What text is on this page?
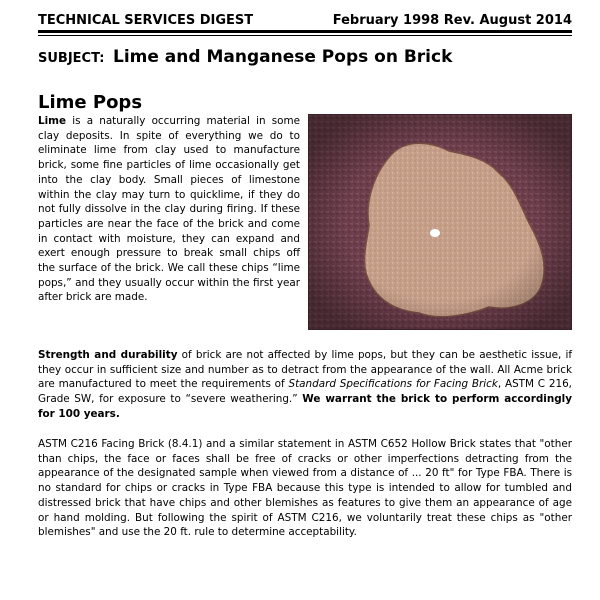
TECHNICAL SERVICES DIGEST	February 1998 Rev. August 2014
SUBJECT: Lime and Manganese Pops on Brick
Lime Pops
Lime is a naturally occurring material in some clay deposits. In spite of everything we do to eliminate lime from clay used to manufacture brick, some fine particles of lime occasionally get into the clay body. Small pieces of limestone within the clay may turn to quicklime, if they do not fully dissolve in the clay during firing. If these particles are near the face of the brick and come in contact with moisture, they can expand and exert enough pressure to break small chips off the surface of the brick. We call these chips “lime pops,” and they usually occur within the first year after brick are made.
Strength and durability of brick are not affected by lime pops, but they can be aesthetic issue, if they occur in sufficient size and number as to detract from the appearance of the wall. All Acme brick are manufactured to meet the requirements of Standard Specifications for Facing Brick, ASTM C 216, Grade SW, for exposure to “severe weathering.” We warrant the brick to perform accordingly for 100 years.
ASTM C216 Facing Brick (8.4.1) and a similar statement in ASTM C652 Hollow Brick states that "other than chips, the face or faces shall be free of cracks or other imperfections detracting from the appearance of the designated sample when viewed from a distance of ... 20 ft" for Type FBA. There is no standard for chips or cracks in Type FBA because this type is intended to allow for tumbled and distressed brick that have chips and other blemishes as features to give them an appearance of age or hand molding. But following the spirit of ASTM C216, we voluntarily treat these chips as "other blemishes" and use the 20 ft. rule to determine acceptability.
